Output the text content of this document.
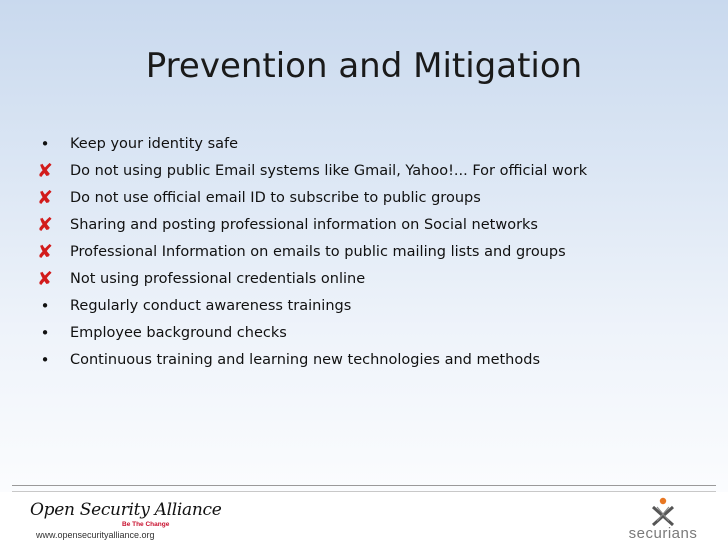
Prevention and Mitigation
•	Keep your identity safe
✘	Do not using public Email systems like Gmail, Yahoo!... For official work
✘	Do not use official email ID to subscribe to public groups
✘	Sharing and posting professional information on Social networks
✘	Professional Information on emails to public mailing lists and groups
✘	Not using professional credentials online
•	Regularly conduct awareness trainings
•	Employee background checks
•	Continuous training and learning new technologies and methods
Open Security Alliance
Be The Change
www.opensecurityalliance.org	securians
